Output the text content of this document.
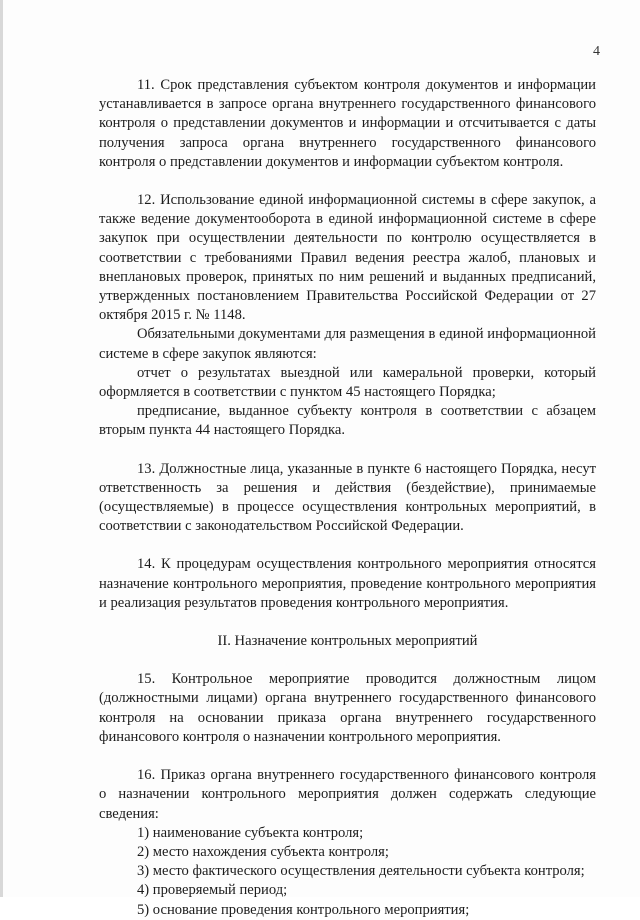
4

11. Срок представления субъектом контроля документов и информации устанавливается в запросе органа внутреннего государственного финансового контроля о представлении документов и информации и отсчитывается с даты получения запроса органа внутреннего государственного финансового контроля о представлении документов и информации субъектом контроля.

12. Использование единой информационной системы в сфере закупок, а также ведение документооборота в единой информационной системе в сфере закупок при осуществлении деятельности по контролю осуществляется в соответствии с требованиями Правил ведения реестра жалоб, плановых и внеплановых проверок, принятых по ним решений и выданных предписаний, утвержденных постановлением Правительства Российской Федерации от 27 октября 2015 г. № 1148.

Обязательными документами для размещения в единой информационной системе в сфере закупок являются:

отчет о результатах выездной или камеральной проверки, который оформляется в соответствии с пунктом 45 настоящего Порядка;

предписание, выданное субъекту контроля в соответствии с абзацем вторым пункта 44 настоящего Порядка.

13. Должностные лица, указанные в пункте 6 настоящего Порядка, несут ответственность за решения и действия (бездействие), принимаемые (осуществляемые) в процессе осуществления контрольных мероприятий, в соответствии с законодательством Российской Федерации.

14. К процедурам осуществления контрольного мероприятия относятся назначение контрольного мероприятия, проведение контрольного мероприятия и реализация результатов проведения контрольного мероприятия.

II. Назначение контрольных мероприятий

15. Контрольное мероприятие проводится должностным лицом (должностными лицами) органа внутреннего государственного финансового контроля на основании приказа органа внутреннего государственного финансового контроля о назначении контрольного мероприятия.

16. Приказ органа внутреннего государственного финансового контроля о назначении контрольного мероприятия должен содержать следующие сведения:

1) наименование субъекта контроля;

2) место нахождения субъекта контроля;

3) место фактического осуществления деятельности субъекта контроля;

4) проверяемый период;

5) основание проведения контрольного мероприятия;
